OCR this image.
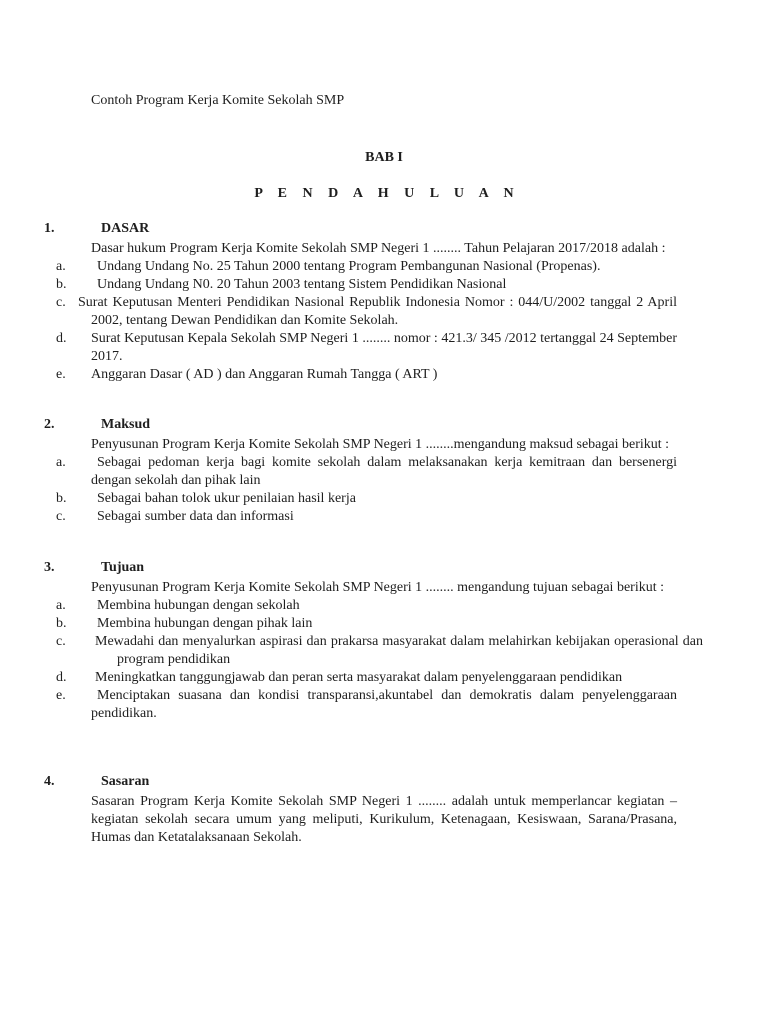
Contoh Program Kerja Komite Sekolah SMP
BAB I
P E N D A H U L U A N
1.	DASAR
Dasar hukum Program Kerja Komite Sekolah SMP Negeri 1 ........ Tahun Pelajaran 2017/2018 adalah :
a.	Undang Undang No. 25 Tahun 2000 tentang Program Pembangunan Nasional (Propenas).
b.	Undang Undang N0. 20 Tahun 2003 tentang Sistem Pendidikan Nasional
c. Surat Keputusan Menteri Pendidikan Nasional Republik Indonesia Nomor : 044/U/2002 tanggal 2 April 2002, tentang Dewan Pendidikan dan Komite Sekolah.
d.	Surat Keputusan Kepala Sekolah SMP Negeri 1 ........ nomor : 421.3/ 345 /2012 tertanggal 24 September 2017.
e.	Anggaran Dasar ( AD ) dan Anggaran Rumah Tangga ( ART )
2.	Maksud
Penyusunan Program Kerja Komite Sekolah SMP Negeri 1 ........mengandung maksud sebagai berikut :
a.	Sebagai pedoman kerja bagi komite sekolah dalam melaksanakan kerja kemitraan dan bersenergi dengan sekolah dan pihak lain
b.	Sebagai bahan tolok ukur penilaian hasil kerja
c.	Sebagai sumber data dan informasi
3.	Tujuan
Penyusunan Program Kerja Komite Sekolah SMP Negeri 1 ........ mengandung tujuan sebagai berikut :
a.	Membina hubungan dengan sekolah
b.	Membina hubungan dengan pihak lain
c.	Mewadahi dan menyalurkan aspirasi dan prakarsa masyarakat dalam melahirkan kebijakan operasional dan program pendidikan
d.	Meningkatkan tanggungjawab dan peran serta masyarakat dalam penyelenggaraan pendidikan
e.	Menciptakan suasana dan kondisi transparansi,akuntabel dan demokratis dalam penyelenggaraan pendidikan.
4.	Sasaran
Sasaran Program Kerja Komite Sekolah SMP Negeri 1 ........ adalah untuk memperlancar kegiatan – kegiatan sekolah secara umum yang meliputi, Kurikulum, Ketenagaan, Kesiswaan, Sarana/Prasana, Humas dan Ketatalaksanaan Sekolah.
